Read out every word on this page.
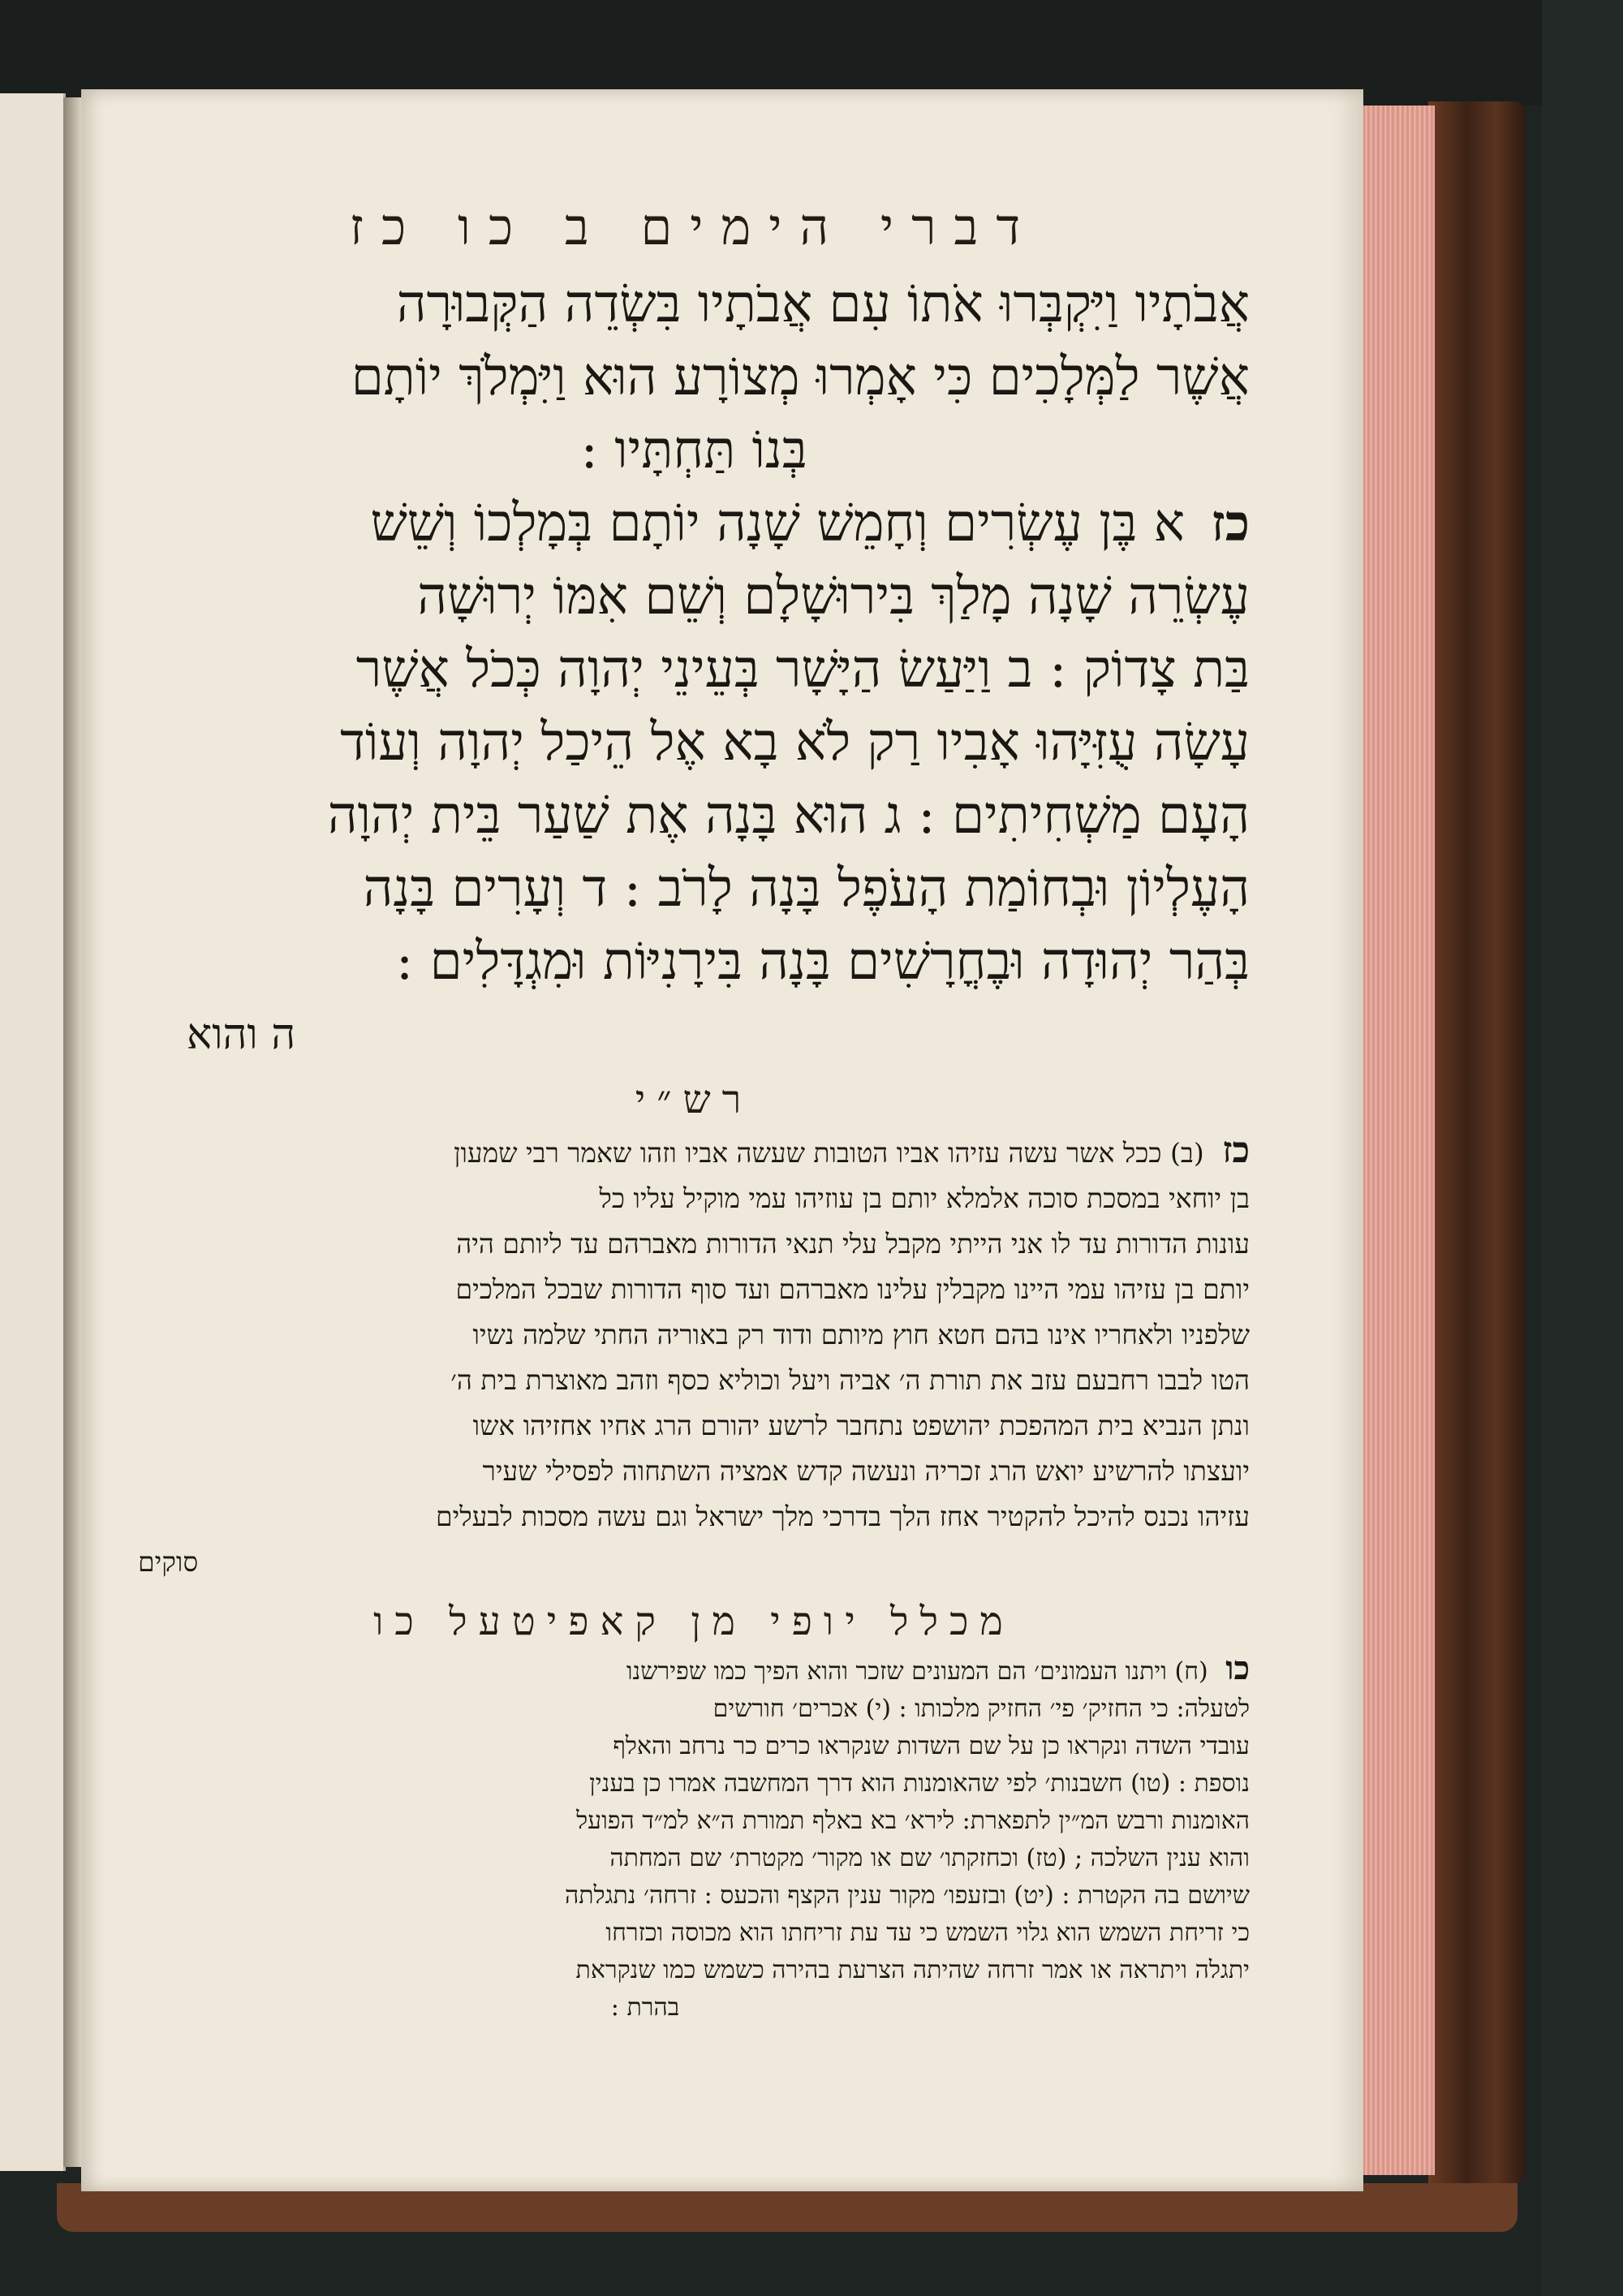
דברי הימים ב כו כז
אֲבֹתָיו וַיִּקְבְּרוּ אֹתוֹ עִם אֲבֹתָיו בִּשְׂדֵה הַקְּבוּרָה
אֲשֶׁר לַמְּלָכִים כִּי אָמְרוּ מְצוֹרָע הוּא וַיִּמְלֹךְ יוֹתָם
בְּנוֹ תַּחְתָּיו :
כז א בֶּן עֶשְׂרִים וְחָמֵשׁ שָׁנָה יוֹתָם בְּמָלְכוֹ וְשֵׁשׁ
עֶשְׂרֵה שָׁנָה מָלַךְ בִּירוּשָׁלָם וְשֵׁם אִמּוֹ יְרוּשָׁה
בַּת צָדוֹק : ב וַיַּעַשׂ הַיָּשָׁר בְּעֵינֵי יְהוָה כְּכֹל אֲשֶׁר
עָשָׂה עֻזִּיָּהוּ אָבִיו רַק לֹא בָא אֶל הֵיכַל יְהוָה וְעוֹד
הָעָם מַשְׁחִיתִים : ג הוּא בָּנָה אֶת שַׁעַר בֵּית יְהוָה
הָעֶלְיוֹן וּבְחוֹמַת הָעֹפֶל בָּנָה לָרֹב : ד וְעָרִים בָּנָה
בְּהַר יְהוּדָה וּבֶחֳרָשִׁים בָּנָה בִּירָנִיּוֹת וּמִגְדָּלִים :
ה והוא
רש״י
כז (ב) ככל אשר עשה עזיהו אביו הטובות שעשה אביו וזהו שאמר רבי שמעון
בן יוחאי במסכת סוכה אלמלא יותם בן עוזיהו עמי מוקיל עליו כל
עונות הדורות עד לו אני הייתי מקבל עלי תנאי הדורות מאברהם עד ליותם היה
יותם בן עזיהו עמי היינו מקבלין עלינו מאברהם ועד סוף הדורות שבכל המלכים
שלפניו ולאחריו אינו בהם חטא חוץ מיותם ודוד רק באוריה החתי שלמה נשיו
הטו לבבו רחבעם עזב את תורת ה׳ אביה ויעל וכוליא כסף וזהב מאוצרת בית ה׳
ונתן הנביא בית המהפכת יהושפט נתחבר לרשע יהורם הרג אחיו אחזיהו אשו
יועצתו להרשיע יואש הרג זכריה ונעשה קדש אמציה השתחוה לפסילי שעיר
עזיהו נכנס להיכל להקטיר אחז הלך בדרכי מלך ישראל וגם עשה מסכות לבעלים
סוקים
מכלל יופי מן קאפיטעל כו
כו (ח) ויתנו העמונים׳ הם המעונים שזכר והוא הפיך כמו שפירשנו
לטעלה: כי החזיק׳ פי׳ החזיק מלכותו : (י) אכרים׳ חורשים
עובדי השדה ונקראו כן על שם השדות שנקראו כרים כר נרחב והאלף
נוספת : (טו) חשבנות׳ לפי שהאומנות הוא דרך המחשבה אמרו כן בענין
האומנות ורבש המ״ין לתפארת: לירא׳ בא באלף תמורת ה״א למ״ד הפועל
והוא ענין השלכה ; (טז) וכחזקתו׳ שם או מקור׳ מקטרת׳ שם המחתה
שיושם בה הקטרת : (יט) ובזעפו׳ מקור ענין הקצף והכעס : זרחה׳ נתגלתה
כי זריחת השמש הוא גלוי השמש כי עד עת זריחתו הוא מכוסה וכזרחו
יתגלה ויתראה או אמר זרחה שהיתה הצרעת בהירה כשמש כמו שנקראת
בהרת :
